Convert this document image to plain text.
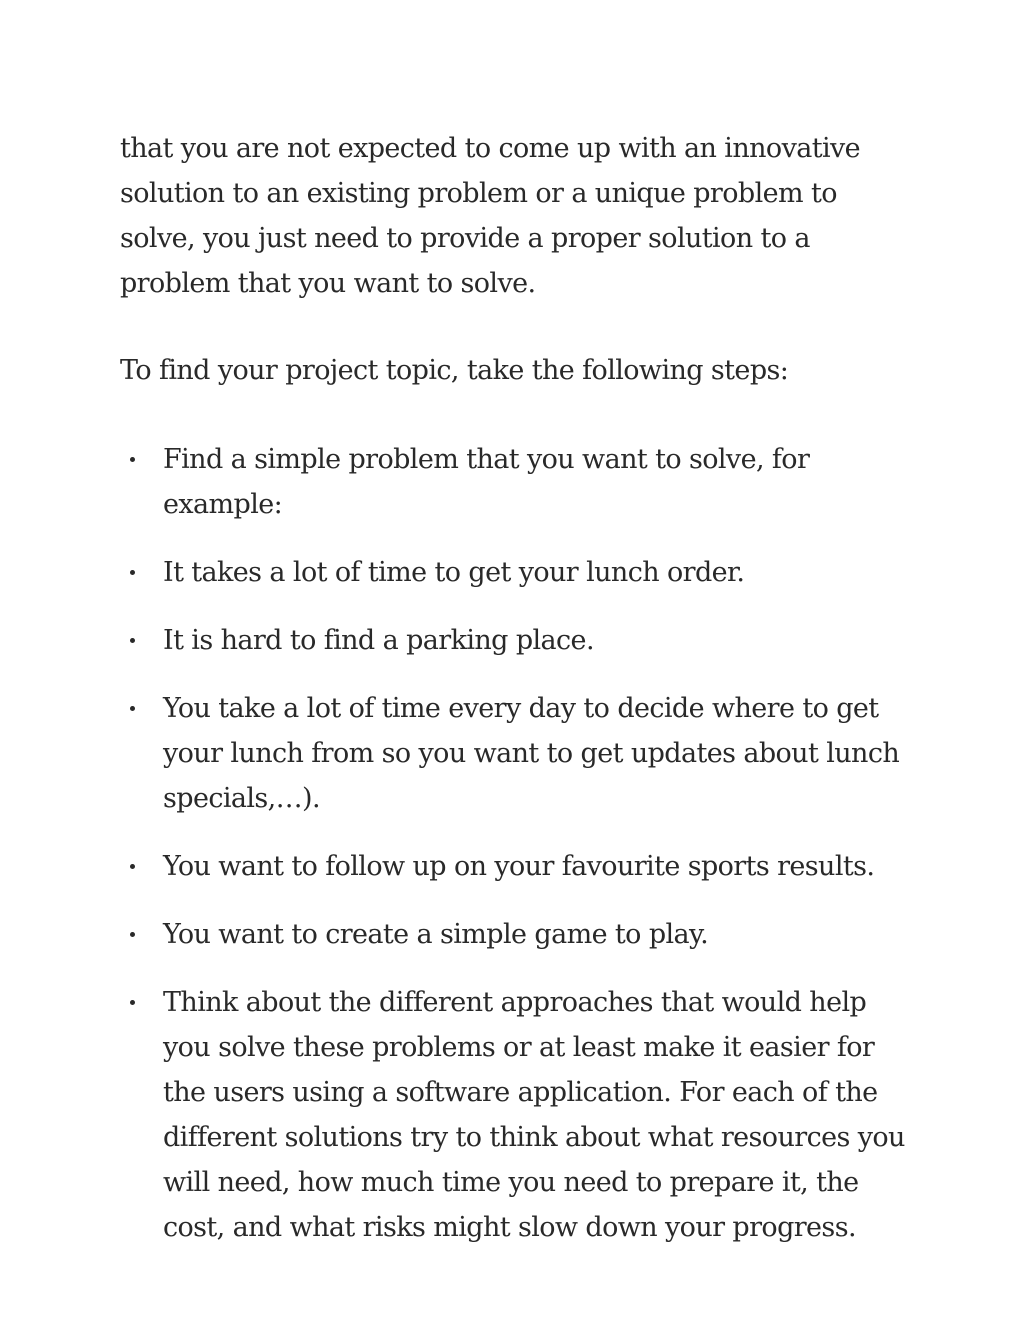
that you are not expected to come up with an innovative solution to an existing problem or a unique problem to solve, you just need to provide a proper solution to a problem that you want to solve.

To find your project topic, take the following steps:

Find a simple problem that you want to solve, for example:
It takes a lot of time to get your lunch order.
It is hard to find a parking place.
You take a lot of time every day to decide where to get your lunch from so you want to get updates about lunch specials,…).
You want to follow up on your favourite sports results.
You want to create a simple game to play.
Think about the different approaches that would help you solve these problems or at least make it easier for the users using a software application. For each of the different solutions try to think about what resources you will need, how much time you need to prepare it, the cost, and what risks might slow down your progress.
